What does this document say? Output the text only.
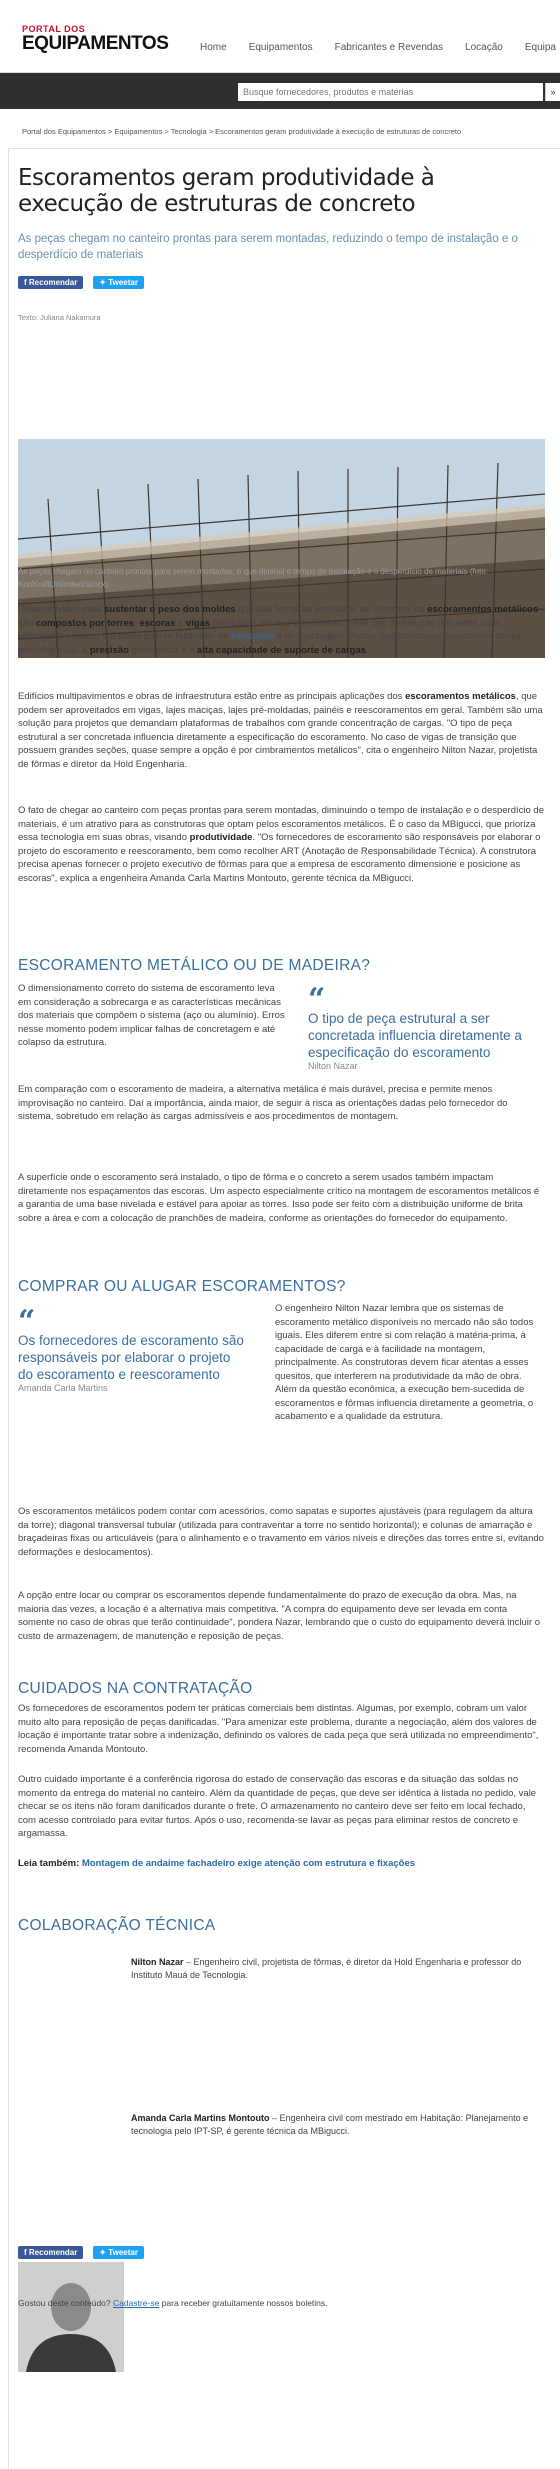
PORTAL DOS
EQUIPAMENTOS	Home Equipamentos Fabricantes e Revendas Locação Equipa
Busque fornecedores, produtos e matérias
»
Portal dos Equipamentos > Equipamentos > Tecnologia > Escoramentos geram produtividade à execução de estruturas de concreto
Escoramentos geram produtividade à execução de estruturas de concreto
As peças chegam no canteiro prontas para serem montadas, reduzindo o tempo de instalação e o desperdício de materiais
f Recomendar	✦ Tweetar
Texto: Juliana Nakamura
As peças chegam no canteiro prontas para serem montadas, o que diminui o tempo de instalação e o desperdício de materiais (foto: Kor/KraftUnlimited/istock)

Desenvolvidos para sustentar o peso dos moldes que dão forma às estruturas de concreto, os escoramentos metálicos são compostos por torres, escoras e vigas fabricadas em aço ou alumínio. Esse tipo de solução tem entre suas vantagens a leveza e a consequente facilidade de transporte e de montagem. Outras características importantes dessa tecnologia são a precisão geométrica e a alta capacidade de suporte de cargas.

Edifícios multipavimentos e obras de infraestrutura estão entre as principais aplicações dos escoramentos metálicos, que podem ser aproveitados em vigas, lajes maciças, lajes pré-moldadas, painéis e reescoramentos em geral. Também são uma solução para projetos que demandam plataformas de trabalhos com grande concentração de cargas. "O tipo de peça estrutural a ser concretada influencia diretamente a especificação do escoramento. No caso de vigas de transição que possuem grandes seções, quase sempre a opção é por cimbramentos metálicos", cita o engenheiro Nilton Nazar, projetista de fôrmas e diretor da Hold Engenharia.

O fato de chegar ao canteiro com peças prontas para serem montadas, diminuindo o tempo de instalação e o desperdício de materiais, é um atrativo para as construtoras que optam pelos escoramentos metálicos. É o caso da MBigucci, que prioriza essa tecnologia em suas obras, visando produtividade. "Os fornecedores de escoramento são responsáveis por elaborar o projeto do escoramento e reescoramento, bem como recolher ART (Anotação de Responsabilidade Técnica). A construtora precisa apenas fornecer o projeto executivo de fôrmas para que a empresa de escoramento dimensione e posicione as escoras", explica a engenheira Amanda Carla Martins Montouto, gerente técnica da MBigucci.

ESCORAMENTO METÁLICO OU DE MADEIRA?

O dimensionamento correto do sistema de escoramento leva em consideração a sobrecarga e as características mecânicas dos materiais que compõem o sistema (aço ou alumínio). Erros nesse momento podem implicar falhas de concretagem e até colapso da estrutura.

“
O tipo de peça estrutural a ser concretada influencia diretamente a especificação do escoramento
Nilton Nazar

Em comparação com o escoramento de madeira, a alternativa metálica é mais durável, precisa e permite menos improvisação no canteiro. Daí a importância, ainda maior, de seguir à risca as orientações dadas pelo fornecedor do sistema, sobretudo em relação às cargas admissíveis e aos procedimentos de montagem.

A superfície onde o escoramento será instalado, o tipo de fôrma e o concreto a serem usados também impactam diretamente nos espaçamentos das escoras. Um aspecto especialmente crítico na montagem de escoramentos metálicos é a garantia de uma base nivelada e estável para apoiar as torres. Isso pode ser feito com a distribuição uniforme de brita sobre a área e com a colocação de pranchões de madeira, conforme as orientações do fornecedor do equipamento.

COMPRAR OU ALUGAR ESCORAMENTOS?
“
Os fornecedores de escoramento são responsáveis por elaborar o projeto do escoramento e reescoramento
Amanda Carla Martins

O engenheiro Nilton Nazar lembra que os sistemas de escoramento metálico disponíveis no mercado não são todos iguais. Eles diferem entre si com relação à matéria-prima, à capacidade de carga e à facilidade na montagem, principalmente. As construtoras devem ficar atentas a esses quesitos, que interferem na produtividade da mão de obra. Além da questão econômica, a execução bem-sucedida de escoramentos e fôrmas influencia diretamente a geometria, o acabamento e a qualidade da estrutura.

Os escoramentos metálicos podem contar com acessórios, como sapatas e suportes ajustáveis (para regulagem da altura da torre); diagonal transversal tubular (utilizada para contraventar a torre no sentido horizontal); e colunas de amarração e braçadeiras fixas ou articuláveis (para o alinhamento e o travamento em vários níveis e direções das torres entre si, evitando deformações e deslocamentos).

A opção entre locar ou comprar os escoramentos depende fundamentalmente do prazo de execução da obra. Mas, na maioria das vezes, a locação é a alternativa mais competitiva. "A compra do equipamento deve ser levada em conta somente no caso de obras que terão continuidade", pondera Nazar, lembrando que o custo do equipamento deverá incluir o custo de armazenagem, de manutenção e reposição de peças.

CUIDADOS NA CONTRATAÇÃO

Os fornecedores de escoramentos podem ter práticas comerciais bem distintas. Algumas, por exemplo, cobram um valor muito alto para reposição de peças danificadas. "Para amenizar este problema, durante a negociação, além dos valores de locação é importante tratar sobre a indenização, definindo os valores de cada peça que será utilizada no empreendimento", recomenda Amanda Montouto.

Outro cuidado importante é a conferência rigorosa do estado de conservação das escoras e da situação das soldas no momento da entrega do material no canteiro. Além da quantidade de peças, que deve ser idêntica à listada no pedido, vale checar se os itens não foram danificados durante o frete. O armazenamento no canteiro deve ser feito em local fechado, com acesso controlado para evitar furtos. Após o uso, recomenda-se lavar as peças para eliminar restos de concreto e argamassa.

Leia também: Montagem de andaime fachadeiro exige atenção com estrutura e fixações

COLABORAÇÃO TÉCNICA

Nilton Nazar – Engenheiro civil, projetista de fôrmas, é diretor da Hold Engenharia e professor do Instituto Mauá de Tecnologia.

Amanda Carla Martins Montouto – Engenheira civil com mestrado em Habitação: Planejamento e tecnologia pelo IPT-SP, é gerente técnica da MBigucci.

f Recomendar	✦ Tweetar

Gostou deste conteúdo? Cadastre-se para receber gratuitamente nossos boletins.
